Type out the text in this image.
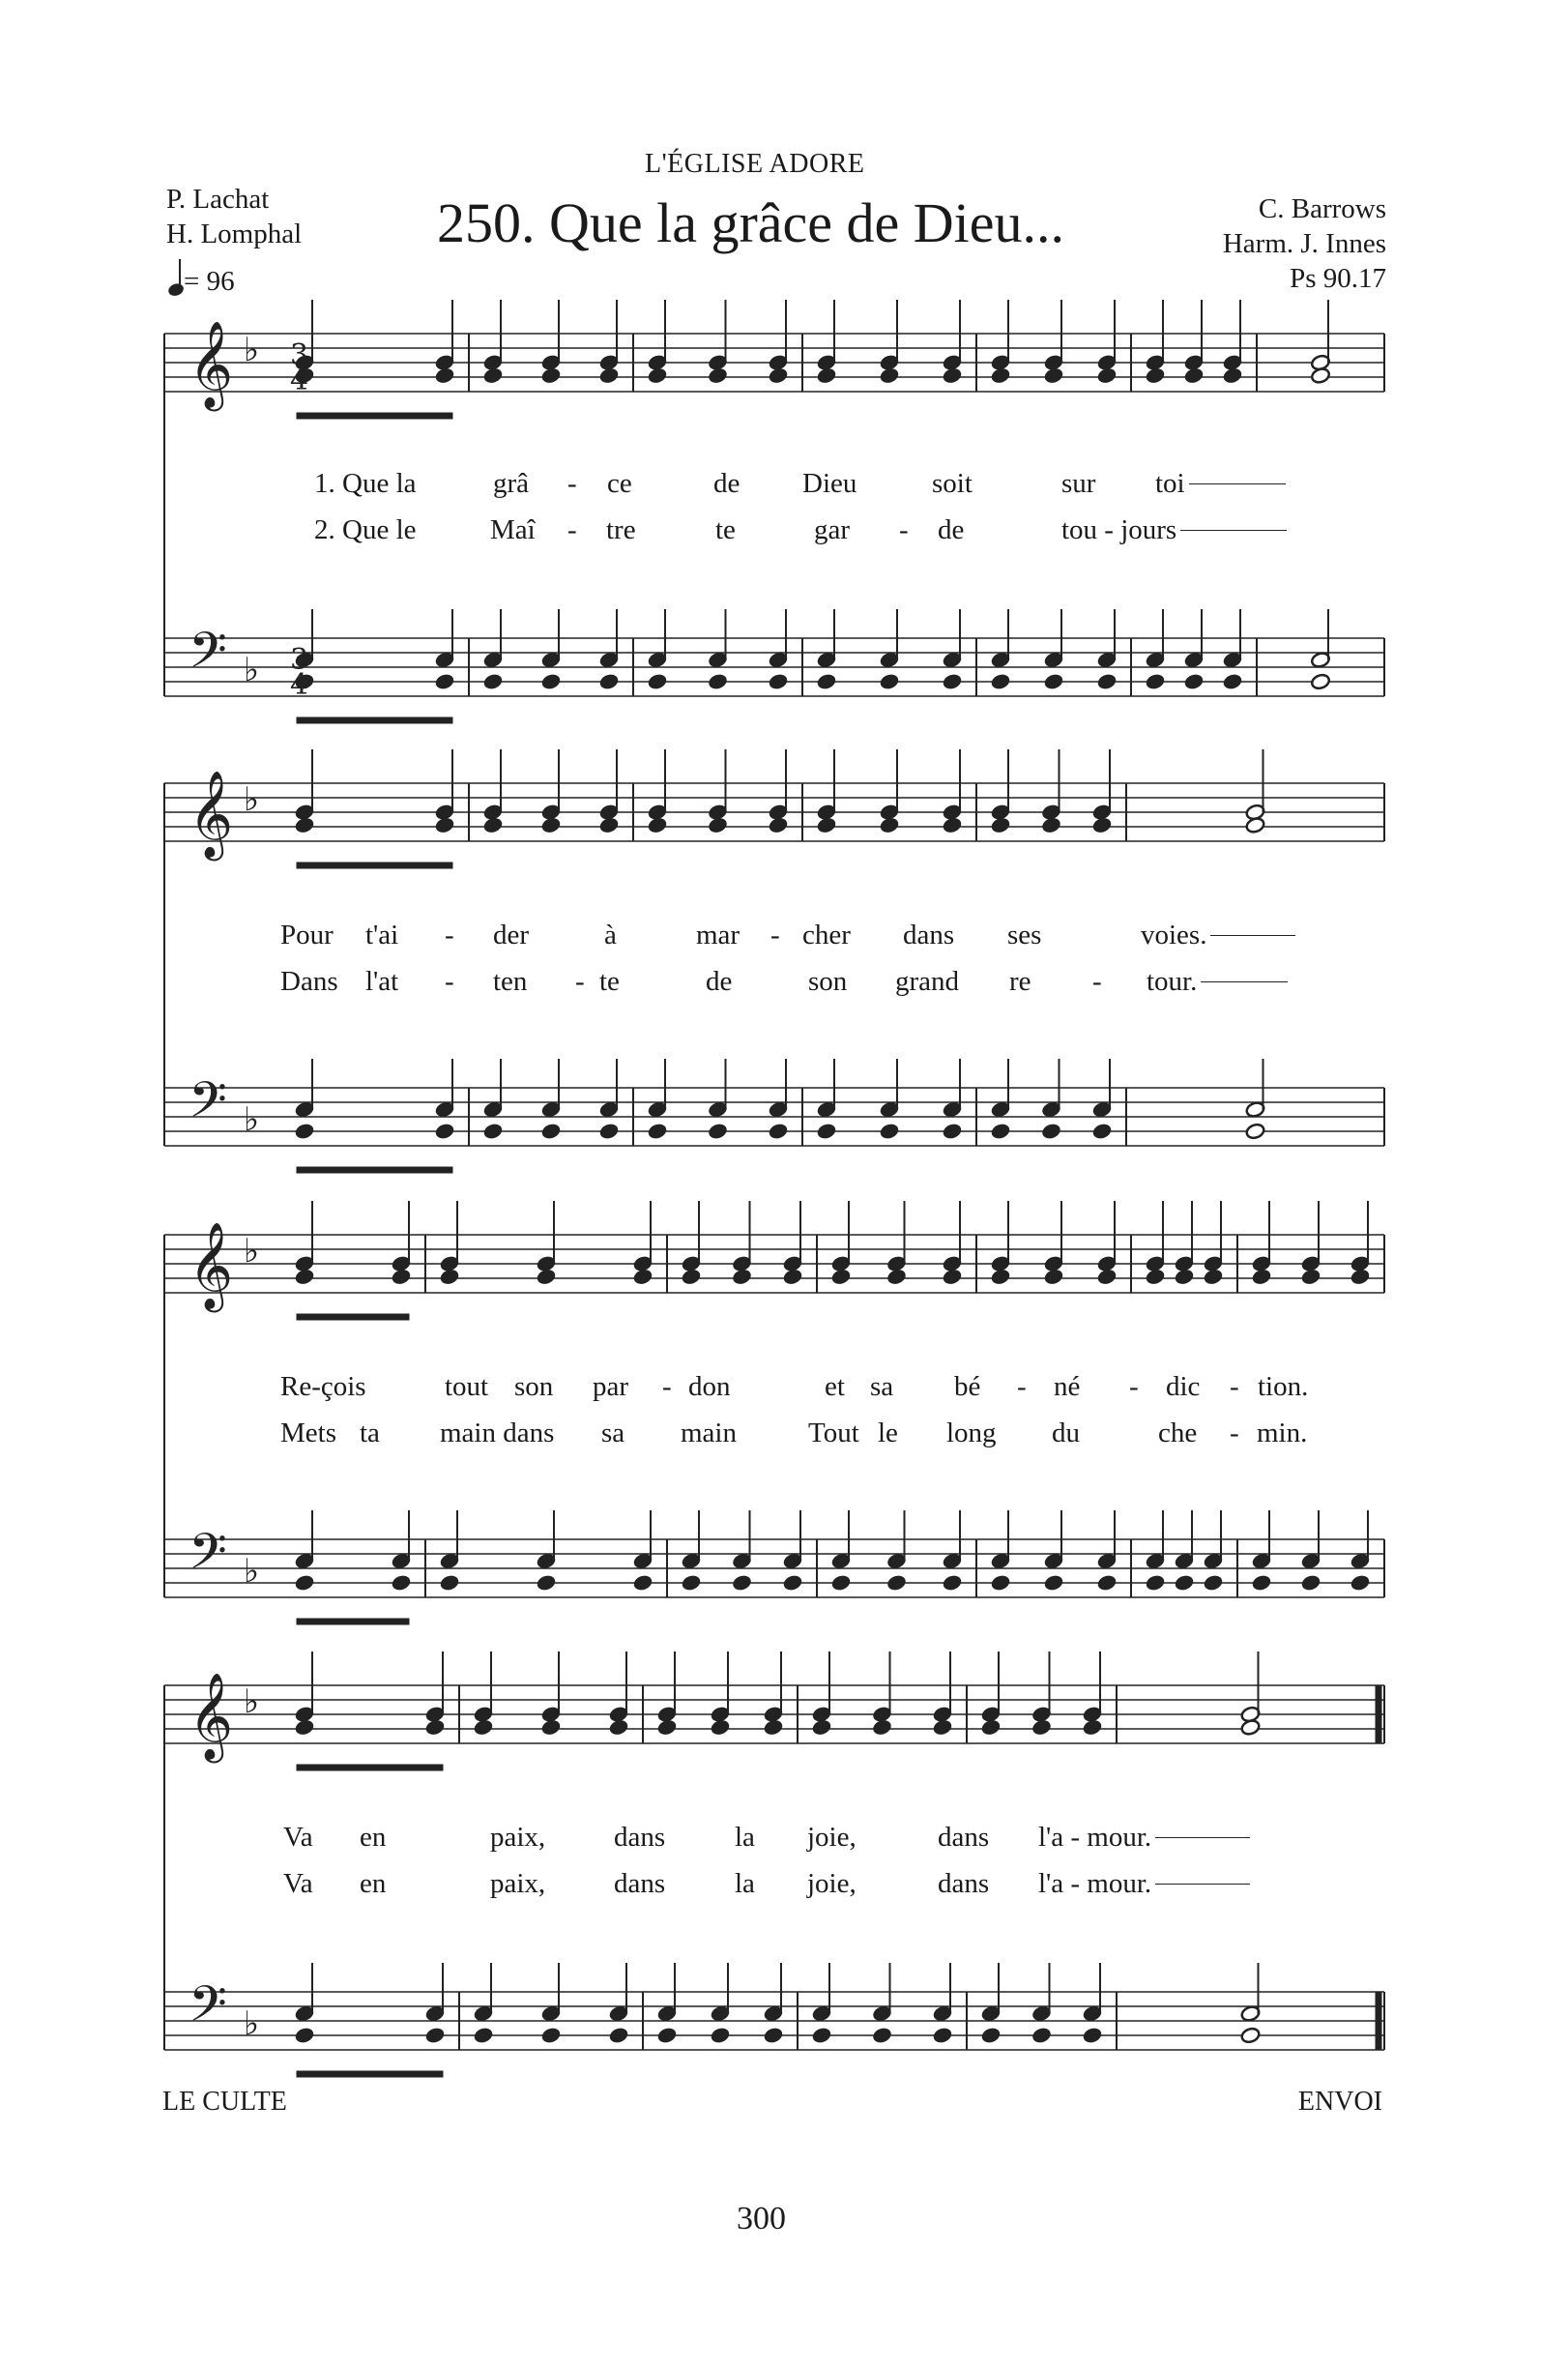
L'ÉGLISE ADORE
P. Lachat
H. Lomphal 250. Que la grâce de Dieu...	C. Barrows
Harm. J. Innes
Ps 90.17
= 96
𝄞 ♭
𝄢 ♭
3
4
3
4
𝄞 ♭
𝄢 ♭
𝄞 ♭
𝄢 ♭
𝄞 ♭
𝄢 ♭
1. Que la	grâ - ce	de Dieu	soit	sur toi
2. Que le	Maî - tre	te	gar - de	tou - jours
Pour t'ai - der	à	mar - cher dans ses	voies.
Dans l'at - ten - te	de	son grand re - tour.
Re-çois	tout son par - don	et sa bé - né - dic - tion.
Mets ta main dans sa main	Tout le long du	che - min.
Va en	paix, dans la joie,	dans l'a - mour.
Va en	paix, dans la joie,	dans l'a - mour.
LE CULTE	ENVOI
300
